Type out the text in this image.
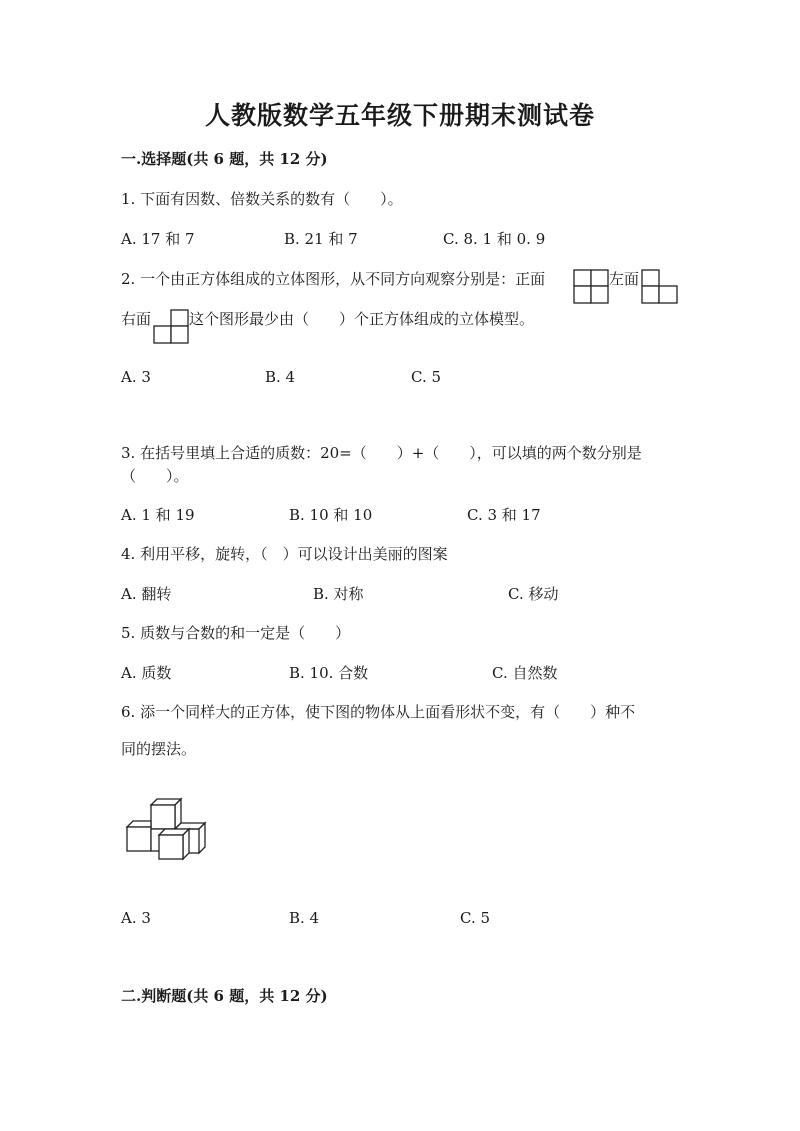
人教版数学五年级下册期末测试卷
一.选择题(共 6 题，共 12 分)
1. 下面有因数、倍数关系的数有（　　）。
A. 17 和 7	B. 21 和 7	C. 8. 1 和 0. 9
2. 一个由正方体组成的立体图形，从不同方向观察分别是：正面	左面
右面	这个图形最少由（　　）个正方体组成的立体模型。
A. 3	B. 4	C. 5
3. 在括号里填上合适的质数：20=（　　）+（　　），可以填的两个数分别是
（　　）。
A. 1 和 19	B. 10 和 10	C. 3 和 17
4. 利用平移，旋转，（　）可以设计出美丽的图案
A. 翻转	B. 对称	C. 移动
5. 质数与合数的和一定是（　　）
A. 质数	B. 10. 合数	C. 自然数
6. 添一个同样大的正方体，使下图的物体从上面看形状不变，有（　　）种不
同的摆法。
A. 3	B. 4	C. 5
二.判断题(共 6 题，共 12 分)
